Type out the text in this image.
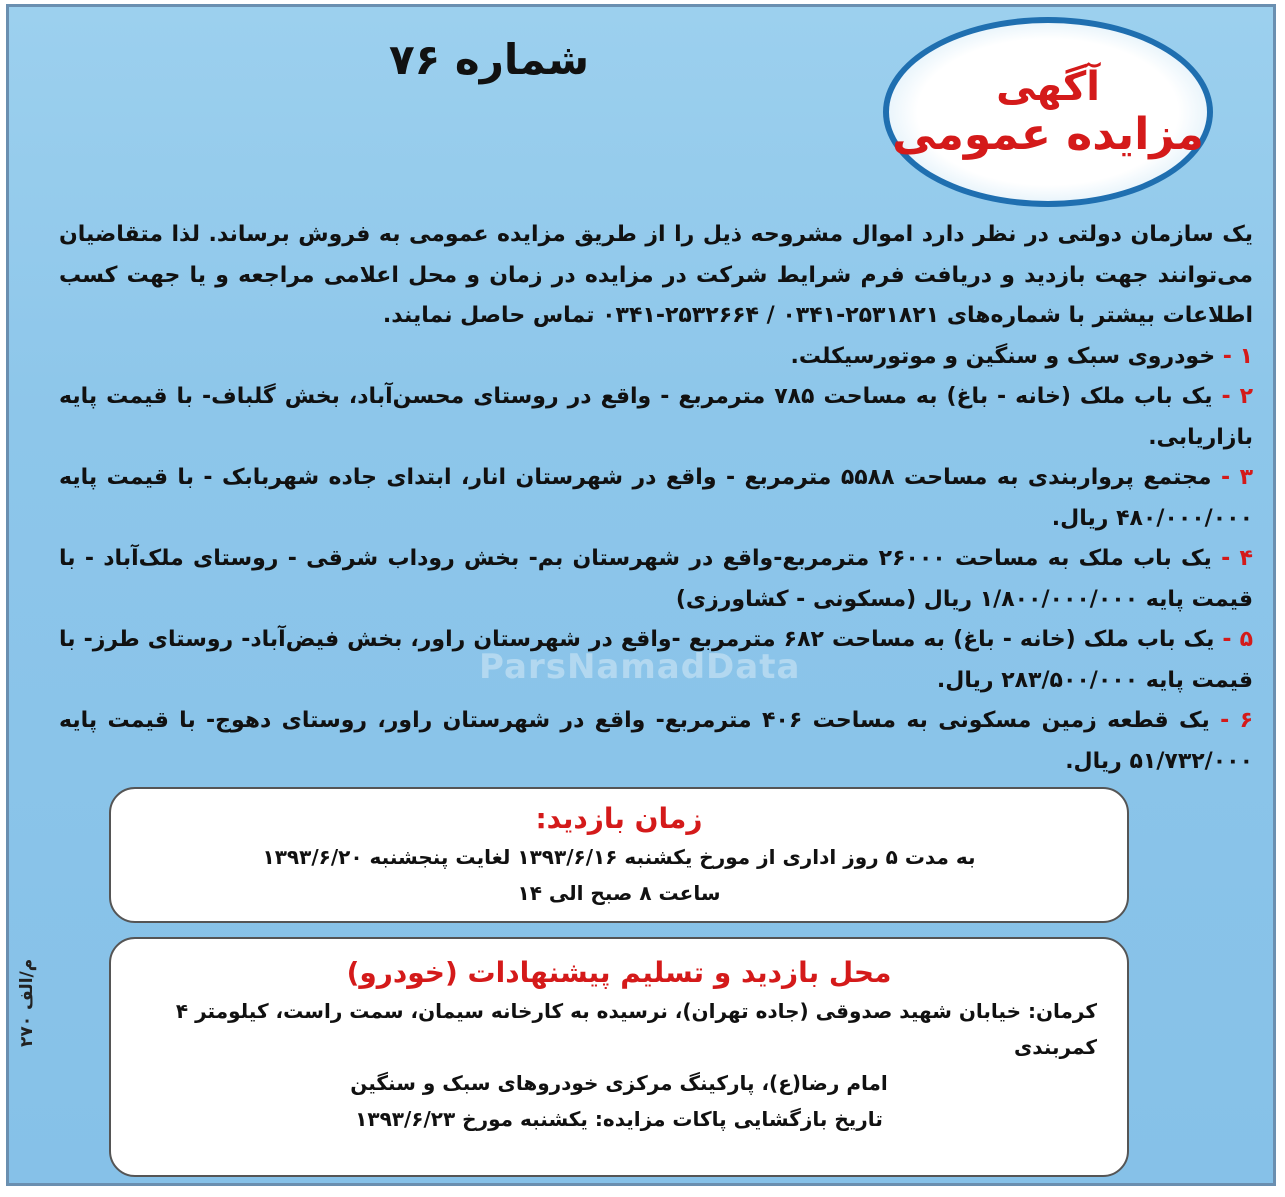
آگهی
مزایده عمومی
شماره ۷۶
ParsNamadData

یک سازمان دولتی در نظر دارد اموال مشروحه ذیل را از طریق مزایده عمومی به فروش برساند. لذا متقاضیان می‌توانند جهت بازدید و دریافت فرم شرایط شرکت در مزایده در زمان و محل اعلامی مراجعه و یا جهت کسب اطلاعات بیشتر با شماره‌های ۲۵۳۱۸۲۱-۰۳۴۱ / ۲۵۳۲۶۶۴-۰۳۴۱ تماس حاصل نمایند.

۱ - خودروی سبک و سنگین و موتورسیکلت.

۲ - یک باب ملک (خانه - باغ) به مساحت ۷۸۵ مترمربع - واقع در روستای محسن‌آباد، بخش گلباف- با قیمت پایه بازاریابی.

۳ - مجتمع پرواربندی به مساحت ۵۵۸۸ مترمربع - واقع در شهرستان انار، ابتدای جاده شهربابک - با قیمت پایه ۴۸۰/۰۰۰/۰۰۰ ریال.

۴ - یک باب ملک به مساحت ۲۶۰۰۰ مترمربع-واقع در شهرستان بم- بخش روداب شرقی - روستای ملک‌آباد - با قیمت پایه ۱/۸۰۰/۰۰۰/۰۰۰ ریال (مسکونی - کشاورزی)

۵ - یک باب ملک (خانه - باغ) به مساحت ۶۸۲ مترمربع -واقع در شهرستان راور، بخش فیض‌آباد- روستای طرز- با قیمت پایه ۲۸۳/۵۰۰/۰۰۰ ریال.

۶ - یک قطعه زمین مسکونی به مساحت ۴۰۶ مترمربع- واقع در شهرستان راور، روستای دهوج- با قیمت پایه ۵۱/۷۳۲/۰۰۰ ریال.

زمان بازدید:
به مدت ۵ روز اداری از مورخ یکشنبه ۱۳۹۳/۶/۱۶ لغایت پنجشنبه ۱۳۹۳/۶/۲۰
ساعت ۸ صبح الی ۱۴
محل بازدید و تسلیم پیشنهادات (خودرو)
کرمان: خیابان شهید صدوقی (جاده تهران)، نرسیده به کارخانه سیمان، سمت راست، کیلومتر ۴ کمربندی
امام رضا(ع)، پارکینگ مرکزی خودروهای سبک و سنگین
تاریخ بازگشایی پاکات مزایده: یکشنبه مورخ ۱۳۹۳/۶/۲۳
م/الف ۲۷۰
